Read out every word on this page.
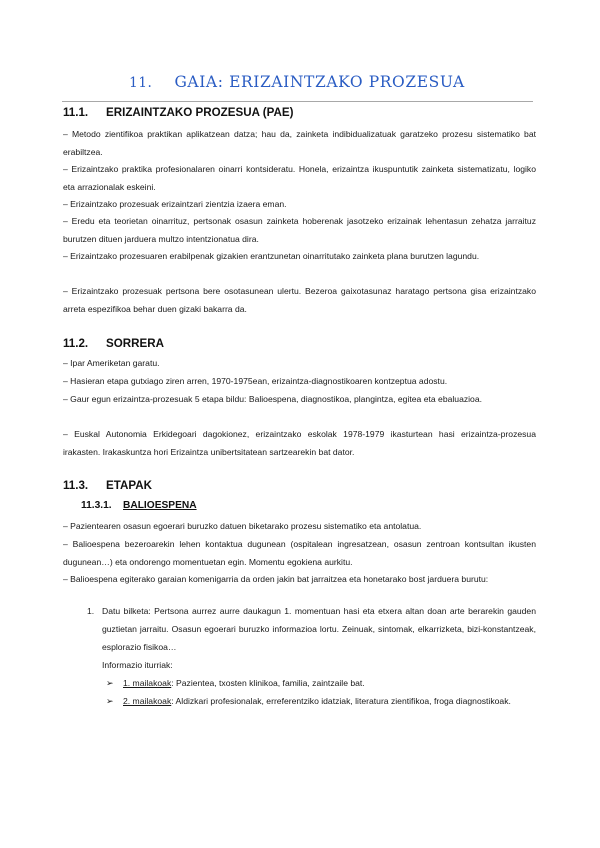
11. GAIA: ERIZAINTZAKO PROZESUA
11.1. ERIZAINTZAKO PROZESUA (PAE)
– Metodo zientifikoa praktikan aplikatzean datza; hau da, zainketa indibidualizatuak garatzeko prozesu sistematiko bat erabiltzea.
– Erizaintzako praktika profesionalaren oinarri kontsideratu. Honela, erizaintza ikuspuntutik zainketa sistematizatu, logiko eta arrazionalak eskeini.
– Erizaintzako prozesuak erizaintzari zientzia izaera eman.
– Eredu eta teorietan oinarrituz, pertsonak osasun zainketa hoberenak jasotzeko erizainak lehentasun zehatza jarraituz burutzen dituen jarduera multzo intentzionatua dira.
– Erizaintzako prozesuaren erabilpenak gizakien erantzunetan oinarritutako zainketa plana burutzen lagundu.
– Erizaintzako prozesuak pertsona bere osotasunean ulertu. Bezeroa gaixotasunaz haratago pertsona gisa erizaintzako arreta espezifikoa behar duen gizaki bakarra da.
11.2. SORRERA
– Ipar Ameriketan garatu.
– Hasieran etapa gutxiago ziren arren, 1970-1975ean, erizaintza-diagnostikoaren kontzeptua adostu.
– Gaur egun erizaintza-prozesuak 5 etapa bildu: Balioespena, diagnostikoa, plangintza, egitea eta ebaluazioa.
– Euskal Autonomia Erkidegoari dagokionez, erizaintzako eskolak 1978-1979 ikasturtean hasi erizaintza-prozesua irakasten. Irakaskuntza hori Erizaintza unibertsitatean sartzearekin bat dator.
11.3. ETAPAK
11.3.1. BALIOESPENA
– Pazientearen osasun egoerari buruzko datuen biketarako prozesu sistematiko eta antolatua.
– Balioespena bezeroarekin lehen kontaktua dugunean (ospitalean ingresatzean, osasun zentroan kontsultan ikusten dugunean…) eta ondorengo momentuetan egin. Momentu egokiena aurkitu.
– Balioespena egiterako garaian komenigarria da orden jakin bat jarraitzea eta honetarako bost jarduera burutu:
1. Datu bilketa: Pertsona aurrez aurre daukagun 1. momentuan hasi eta etxera altan doan arte berarekin gauden guztietan jarraitu. Osasun egoerari buruzko informazioa lortu. Zeinuak, sintomak, elkarrizketa, bizi-konstantzeak, esplorazio fisikoa…
Informazio iturriak:
➢ 1. mailakoak: Pazientea, txosten klinikoa, familia, zaintzaile bat.
➢ 2. mailakoak: Aldizkari profesionalak, erreferentziko idatziak, literatura zientifikoa, froga diagnostikoak.
